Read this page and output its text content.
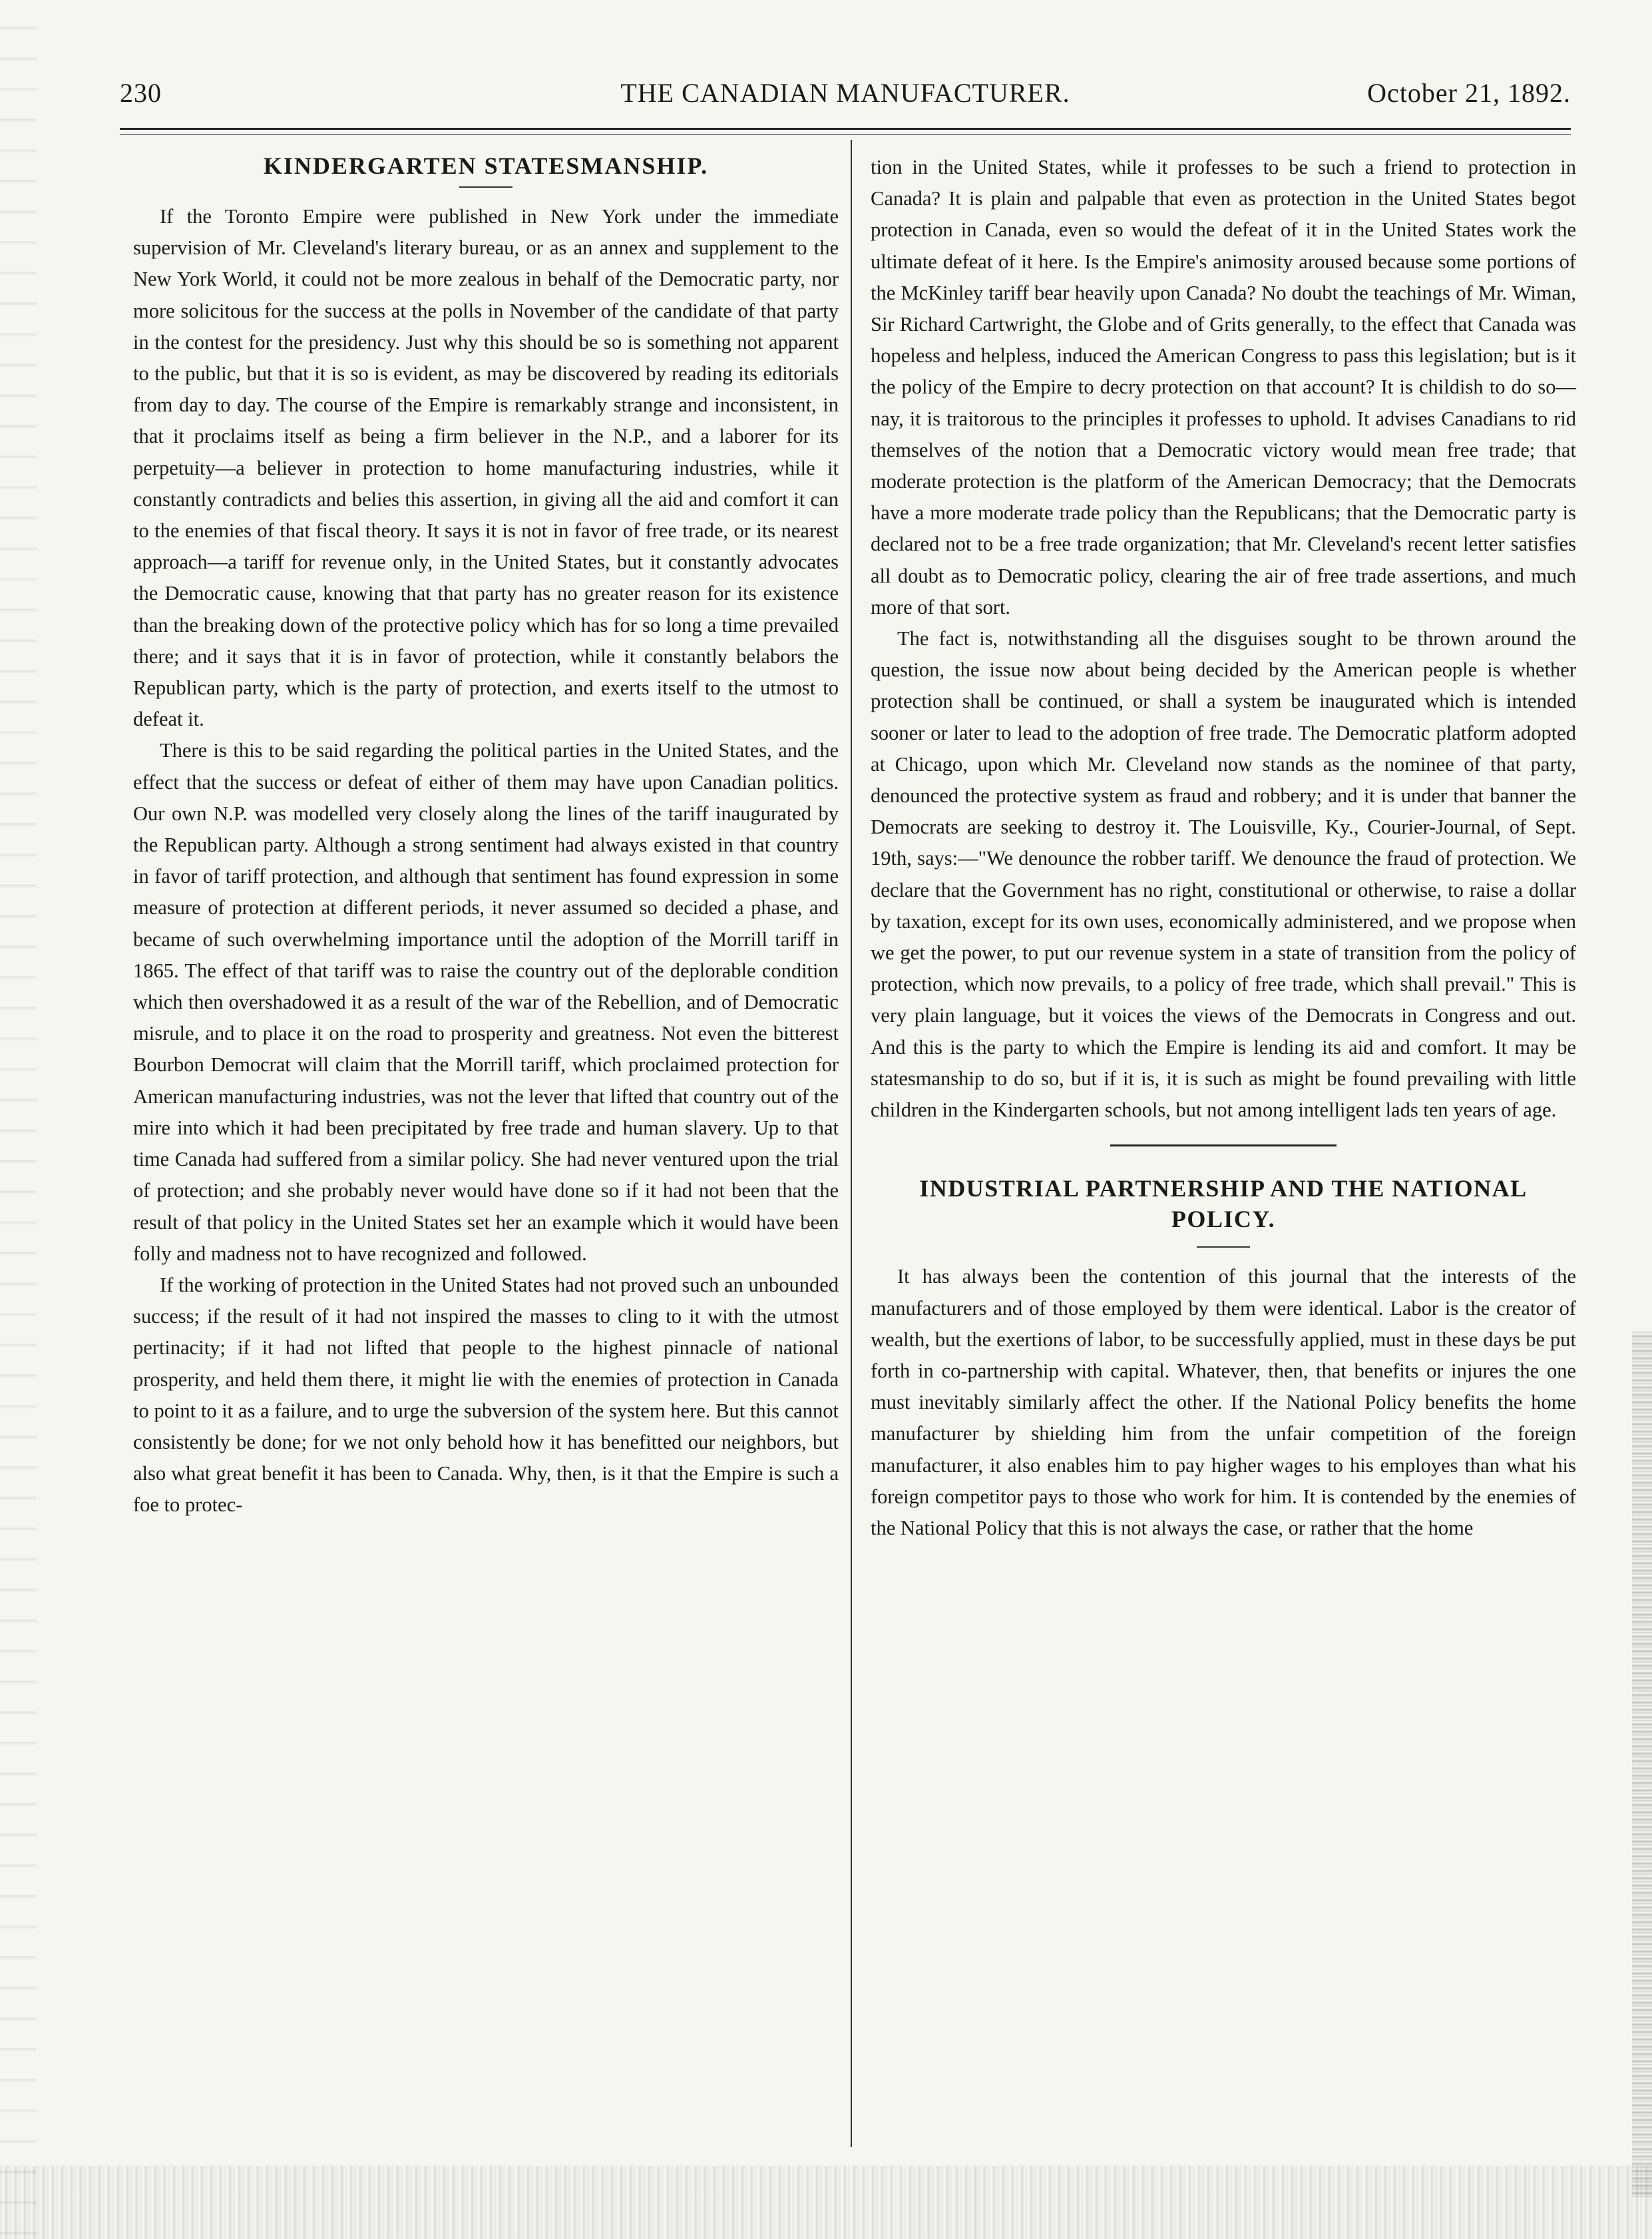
230	THE CANADIAN MANUFACTURER.	October 21, 1892.
KINDERGARTEN STATESMANSHIP.

If the Toronto Empire were published in New York under the immediate supervision of Mr. Cleveland's literary bureau, or as an annex and supplement to the New York World, it could not be more zealous in behalf of the Democratic party, nor more solicitous for the success at the polls in November of the candidate of that party in the contest for the presidency. Just why this should be so is something not apparent to the public, but that it is so is evident, as may be discovered by reading its editorials from day to day. The course of the Empire is remarkably strange and inconsistent, in that it proclaims itself as being a firm believer in the N.P., and a laborer for its perpetuity—a believer in protection to home manufacturing industries, while it constantly contradicts and belies this assertion, in giving all the aid and comfort it can to the enemies of that fiscal theory. It says it is not in favor of free trade, or its nearest approach—a tariff for revenue only, in the United States, but it constantly advocates the Democratic cause, knowing that that party has no greater reason for its existence than the breaking down of the protective policy which has for so long a time prevailed there; and it says that it is in favor of protection, while it constantly belabors the Republican party, which is the party of protection, and exerts itself to the utmost to defeat it.

There is this to be said regarding the political parties in the United States, and the effect that the success or defeat of either of them may have upon Canadian politics. Our own N.P. was modelled very closely along the lines of the tariff inaugurated by the Republican party. Although a strong sentiment had always existed in that country in favor of tariff protection, and although that sentiment has found expression in some measure of protection at different periods, it never assumed so decided a phase, and became of such overwhelming importance until the adoption of the Morrill tariff in 1865. The effect of that tariff was to raise the country out of the deplorable condition which then overshadowed it as a result of the war of the Rebellion, and of Democratic misrule, and to place it on the road to prosperity and greatness. Not even the bitterest Bourbon Democrat will claim that the Morrill tariff, which proclaimed protection for American manufacturing industries, was not the lever that lifted that country out of the mire into which it had been precipitated by free trade and human slavery. Up to that time Canada had suffered from a similar policy. She had never ventured upon the trial of protection; and she probably never would have done so if it had not been that the result of that policy in the United States set her an example which it would have been folly and madness not to have recognized and followed.

If the working of protection in the United States had not proved such an unbounded success; if the result of it had not inspired the masses to cling to it with the utmost pertinacity; if it had not lifted that people to the highest pinnacle of national prosperity, and held them there, it might lie with the enemies of protection in Canada to point to it as a failure, and to urge the subversion of the system here. But this cannot consistently be done; for we not only behold how it has benefitted our neighbors, but also what great benefit it has been to Canada. Why, then, is it that the Empire is such a foe to protec-

tion in the United States, while it professes to be such a friend to protection in Canada? It is plain and palpable that even as protection in the United States begot protection in Canada, even so would the defeat of it in the United States work the ultimate defeat of it here. Is the Empire's animosity aroused because some portions of the McKinley tariff bear heavily upon Canada? No doubt the teachings of Mr. Wiman, Sir Richard Cartwright, the Globe and of Grits generally, to the effect that Canada was hopeless and helpless, induced the American Congress to pass this legislation; but is it the policy of the Empire to decry protection on that account? It is childish to do so—nay, it is traitorous to the principles it professes to uphold. It advises Canadians to rid themselves of the notion that a Democratic victory would mean free trade; that moderate protection is the platform of the American Democracy; that the Democrats have a more moderate trade policy than the Republicans; that the Democratic party is declared not to be a free trade organization; that Mr. Cleveland's recent letter satisfies all doubt as to Democratic policy, clearing the air of free trade assertions, and much more of that sort.

The fact is, notwithstanding all the disguises sought to be thrown around the question, the issue now about being decided by the American people is whether protection shall be continued, or shall a system be inaugurated which is intended sooner or later to lead to the adoption of free trade. The Democratic platform adopted at Chicago, upon which Mr. Cleveland now stands as the nominee of that party, denounced the protective system as fraud and robbery; and it is under that banner the Democrats are seeking to destroy it. The Louisville, Ky., Courier-Journal, of Sept. 19th, says:—"We denounce the robber tariff. We denounce the fraud of protection. We declare that the Government has no right, constitutional or otherwise, to raise a dollar by taxation, except for its own uses, economically administered, and we propose when we get the power, to put our revenue system in a state of transition from the policy of protection, which now prevails, to a policy of free trade, which shall prevail." This is very plain language, but it voices the views of the Democrats in Congress and out. And this is the party to which the Empire is lending its aid and comfort. It may be statesmanship to do so, but if it is, it is such as might be found prevailing with little children in the Kindergarten schools, but not among intelligent lads ten years of age.

INDUSTRIAL PARTNERSHIP AND THE NATIONAL POLICY.

It has always been the contention of this journal that the interests of the manufacturers and of those employed by them were identical. Labor is the creator of wealth, but the exertions of labor, to be successfully applied, must in these days be put forth in co-partnership with capital. Whatever, then, that benefits or injures the one must inevitably similarly affect the other. If the National Policy benefits the home manufacturer by shielding him from the unfair competition of the foreign manufacturer, it also enables him to pay higher wages to his employes than what his foreign competitor pays to those who work for him. It is contended by the enemies of the National Policy that this is not always the case, or rather that the home
